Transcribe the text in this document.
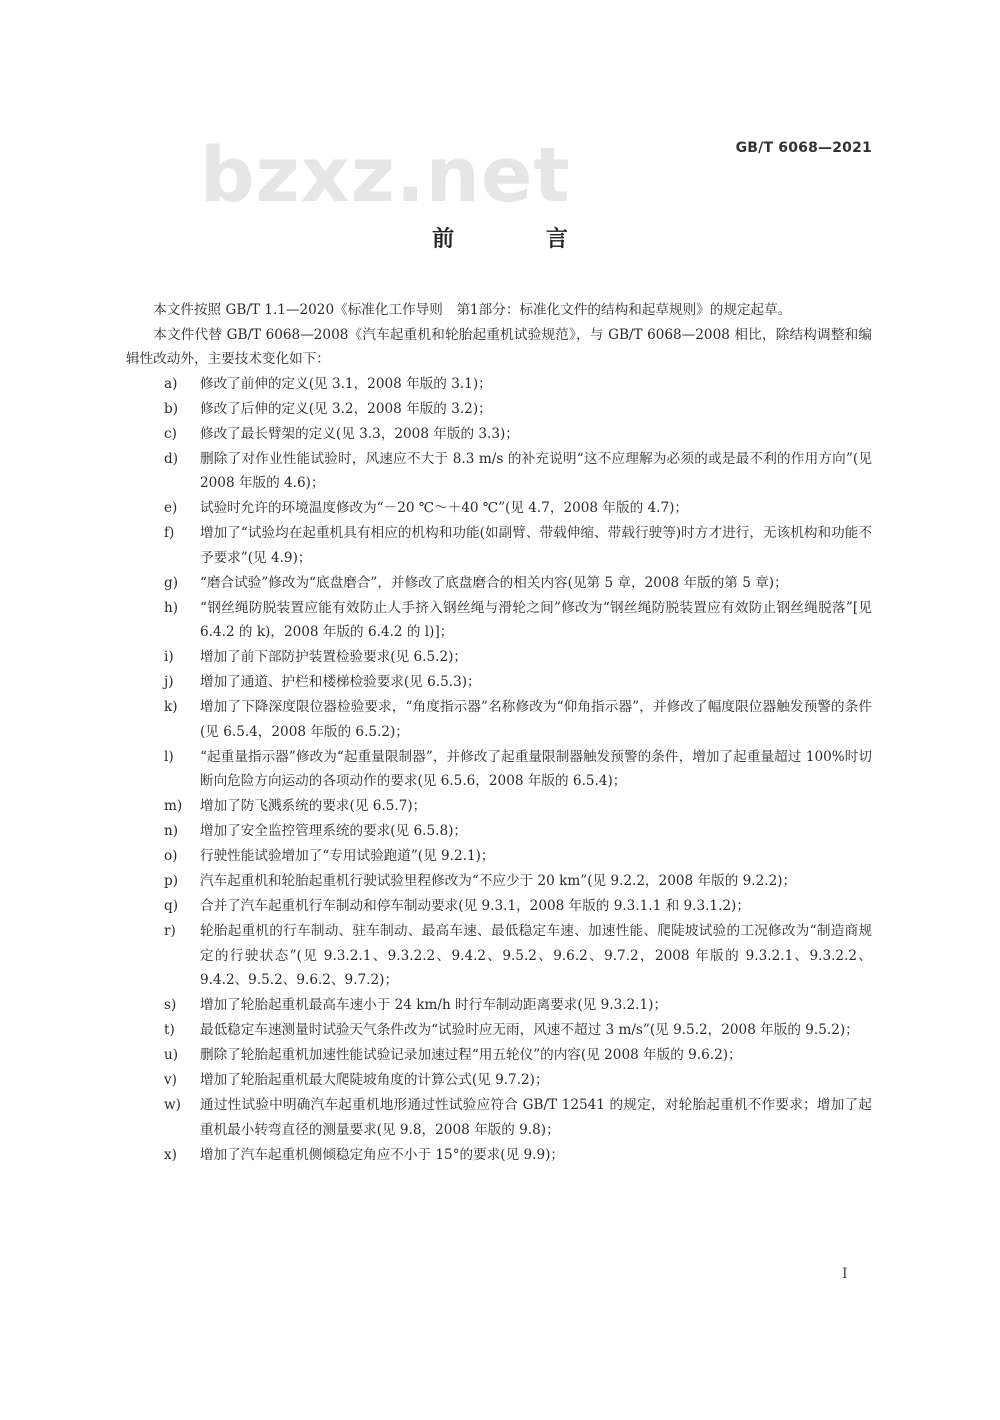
bzxz.net	GB/T 6068—2021
前 言

本文件按照 GB/T 1.1—2020《标准化工作导则　第1部分：标准化文件的结构和起草规则》的规定起草。

本文件代替 GB/T 6068—2008《汽车起重机和轮胎起重机试验规范》，与 GB/T 6068—2008 相比，除结构调整和编辑性改动外，主要技术变化如下：

a)	修改了前伸的定义(见 3.1，2008 年版的 3.1)；
b)	修改了后伸的定义(见 3.2，2008 年版的 3.2)；
c)	修改了最长臂架的定义(见 3.3，2008 年版的 3.3)；
d)	删除了对作业性能试验时，风速应不大于 8.3 m/s 的补充说明“这不应理解为必须的或是最不利的作用方向”(见 2008 年版的 4.6)；
e)	试验时允许的环境温度修改为“－20 ℃～＋40 ℃”(见 4.7，2008 年版的 4.7)；
f)	增加了“试验均在起重机具有相应的机构和功能(如副臂、带载伸缩、带载行驶等)时方才进行，无该机构和功能不予要求”(见 4.9)；
g)	“磨合试验”修改为“底盘磨合”，并修改了底盘磨合的相关内容(见第 5 章，2008 年版的第 5 章)；
h)	“钢丝绳防脱装置应能有效防止人手挤入钢丝绳与滑轮之间”修改为“钢丝绳防脱装置应有效防止钢丝绳脱落”[见 6.4.2 的 k)，2008 年版的 6.4.2 的 l)]；
i)	增加了前下部防护装置检验要求(见 6.5.2)；
j)	增加了通道、护栏和楼梯检验要求(见 6.5.3)；
k)	增加了下降深度限位器检验要求，“角度指示器”名称修改为“仰角指示器”，并修改了幅度限位器触发预警的条件(见 6.5.4，2008 年版的 6.5.2)；
l)	“起重量指示器”修改为“起重量限制器”，并修改了起重量限制器触发预警的条件，增加了起重量超过 100%时切断向危险方向运动的各项动作的要求(见 6.5.6，2008 年版的 6.5.4)；
m)	增加了防飞溅系统的要求(见 6.5.7)；
n)	增加了安全监控管理系统的要求(见 6.5.8)；
o)	行驶性能试验增加了“专用试验跑道”(见 9.2.1)；
p)	汽车起重机和轮胎起重机行驶试验里程修改为“不应少于 20 km”(见 9.2.2，2008 年版的 9.2.2)；
q)	合并了汽车起重机行车制动和停车制动要求(见 9.3.1，2008 年版的 9.3.1.1 和 9.3.1.2)；
r)	轮胎起重机的行车制动、驻车制动、最高车速、最低稳定车速、加速性能、爬陡坡试验的工况修改为“制造商规定的行驶状态”(见 9.3.2.1、9.3.2.2、9.4.2、9.5.2、9.6.2、9.7.2，2008 年版的 9.3.2.1、9.3.2.2、9.4.2、9.5.2、9.6.2、9.7.2)；
s)	增加了轮胎起重机最高车速小于 24 km/h 时行车制动距离要求(见 9.3.2.1)；
t)	最低稳定车速测量时试验天气条件改为“试验时应无雨，风速不超过 3 m/s”(见 9.5.2，2008 年版的 9.5.2)；
u)	删除了轮胎起重机加速性能试验记录加速过程“用五轮仪”的内容(见 2008 年版的 9.6.2)；
v)	增加了轮胎起重机最大爬陡坡角度的计算公式(见 9.7.2)；
w)	通过性试验中明确汽车起重机地形通过性试验应符合 GB/T 12541 的规定，对轮胎起重机不作要求；增加了起重机最小转弯直径的测量要求(见 9.8，2008 年版的 9.8)；
x)	增加了汽车起重机侧倾稳定角应不小于 15°的要求(见 9.9)；
I
